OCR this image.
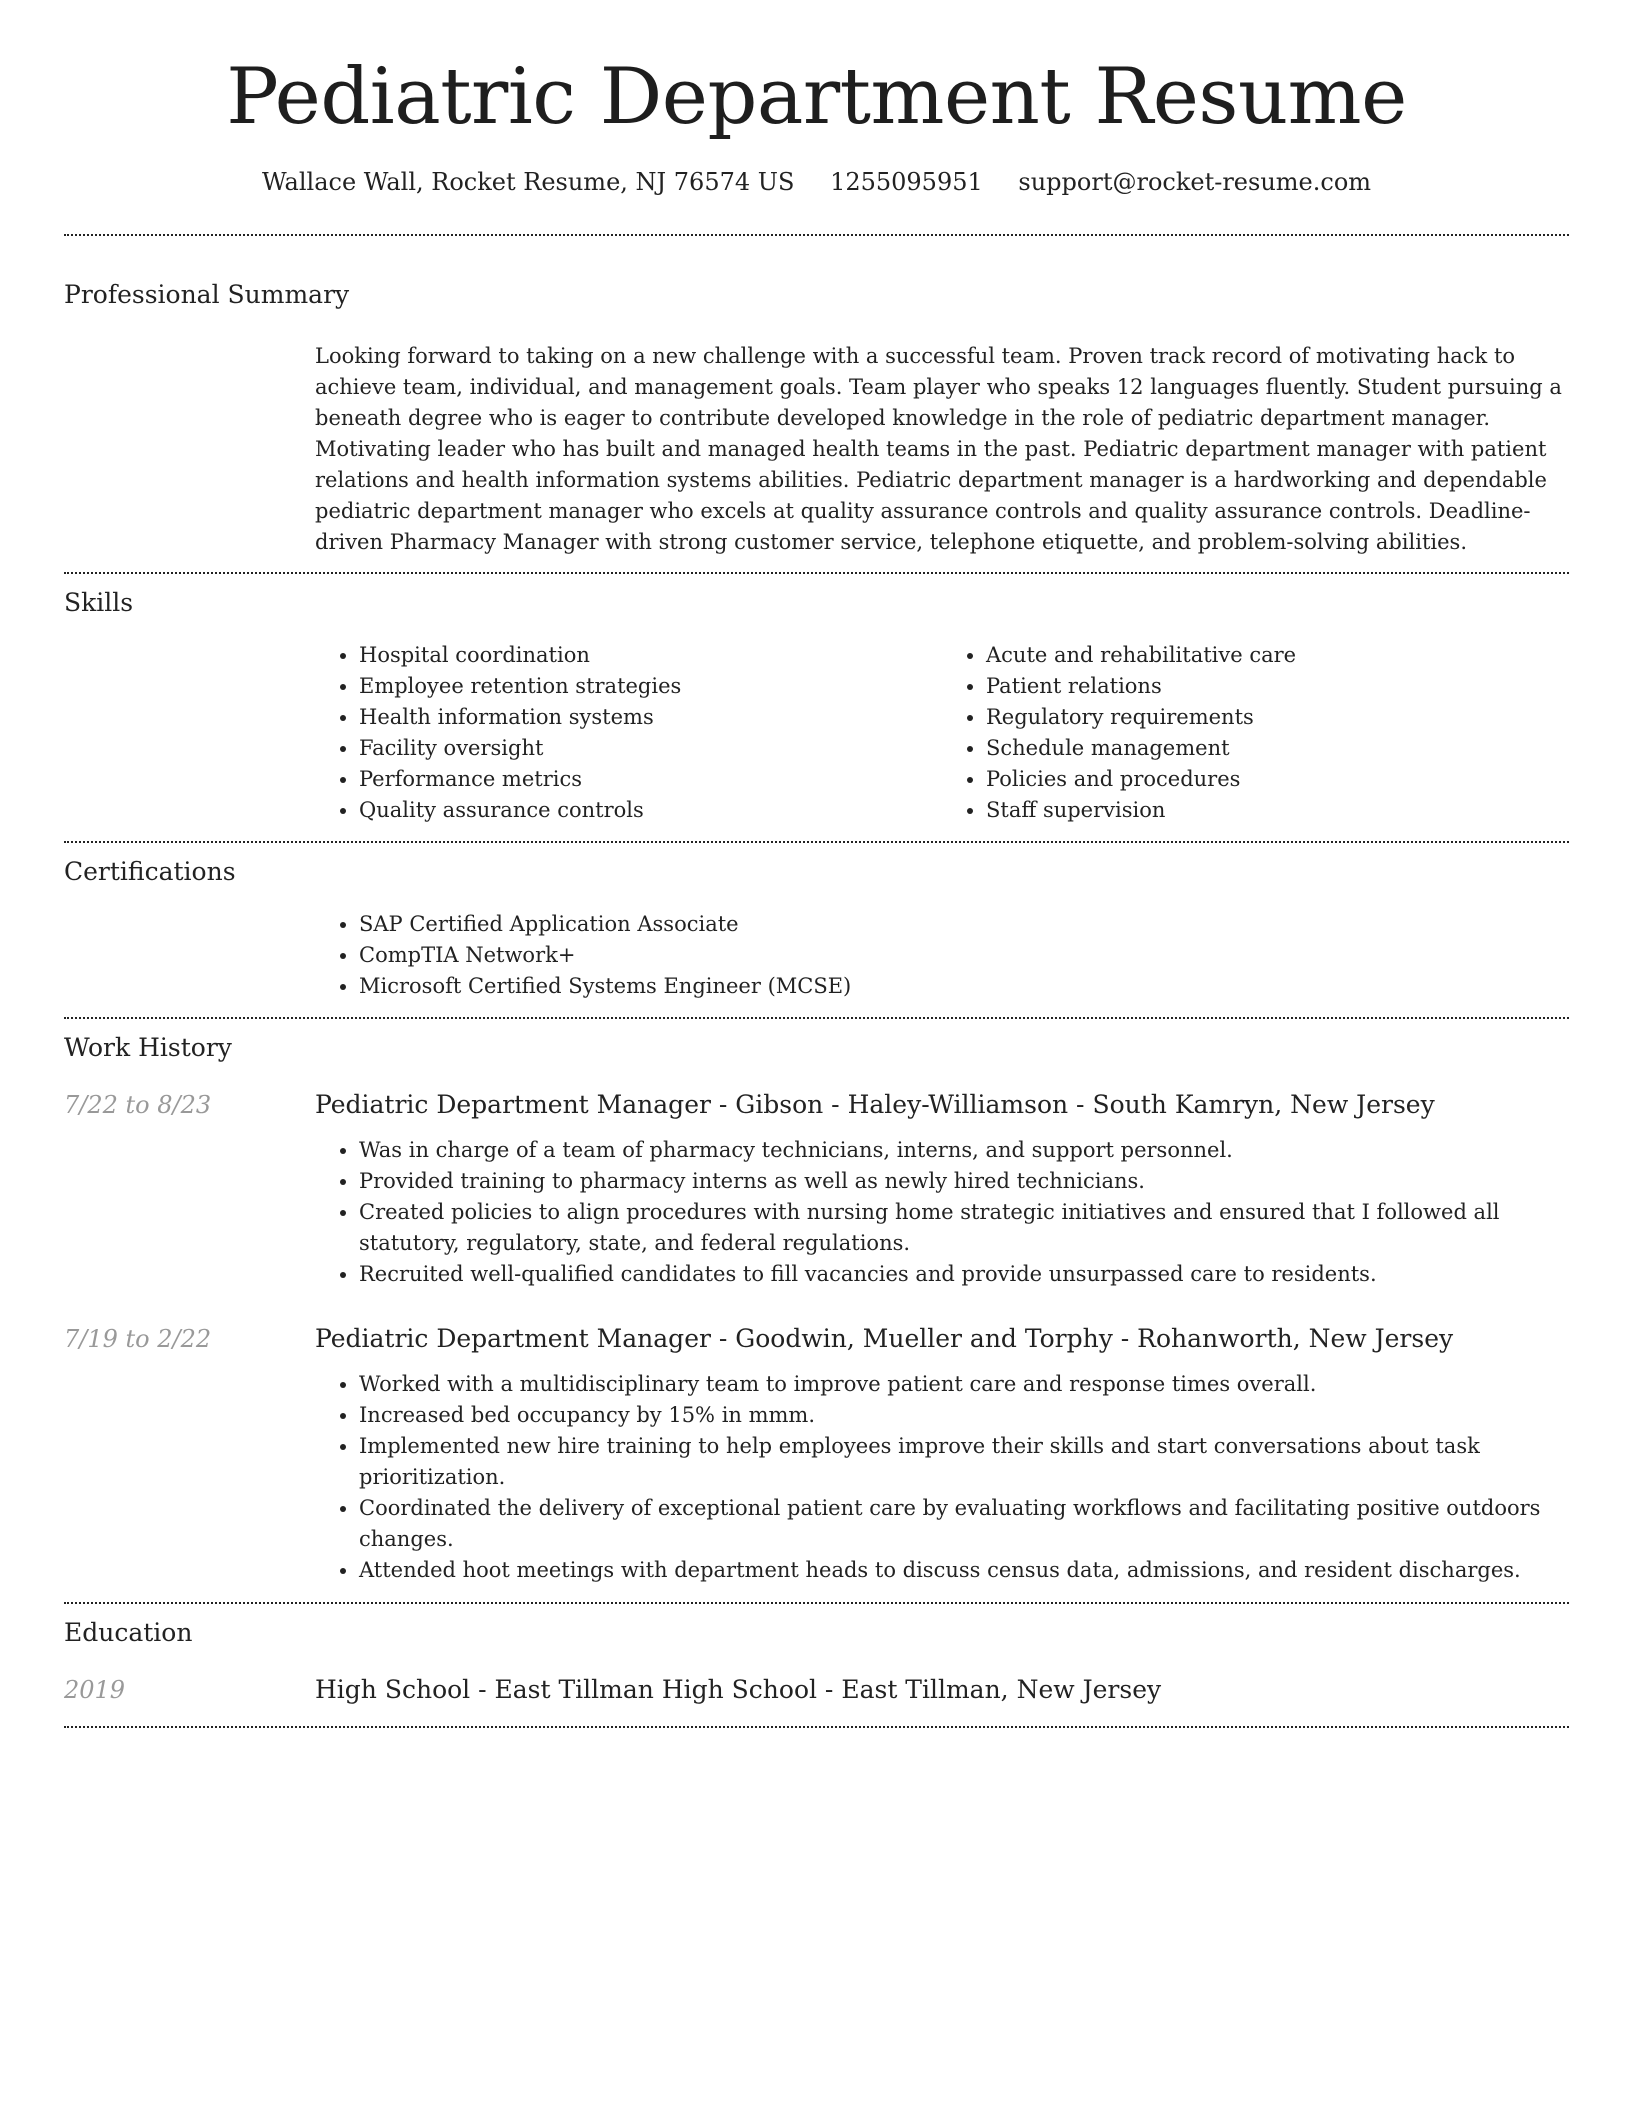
Pediatric Department Resume
Wallace Wall, Rocket Resume, NJ 76574 US 1255095951 support@rocket-resume.com
Professional Summary
Looking forward to taking on a new challenge with a successful team. Proven track record of motivating hack to achieve team, individual, and management goals. Team player who speaks 12 languages fluently. Student pursuing a beneath degree who is eager to contribute developed knowledge in the role of pediatric department manager. Motivating leader who has built and managed health teams in the past. Pediatric department manager with patient relations and health information systems abilities. Pediatric department manager is a hardworking and dependable pediatric department manager who excels at quality assurance controls and quality assurance controls. Deadline-driven Pharmacy Manager with strong customer service, telephone etiquette, and problem-solving abilities.
Skills
• Hospital coordination
• Employee retention strategies
• Health information systems
• Facility oversight
• Performance metrics
• Quality assurance controls
• Acute and rehabilitative care
• Patient relations
• Regulatory requirements
• Schedule management
• Policies and procedures
• Staff supervision
Certifications
• SAP Certified Application Associate
• CompTIA Network+
• Microsoft Certified Systems Engineer (MCSE)
Work History
7/22 to 8/23	Pediatric Department Manager - Gibson - Haley-Williamson - South Kamryn, New Jersey
• Was in charge of a team of pharmacy technicians, interns, and support personnel.
• Provided training to pharmacy interns as well as newly hired technicians.
• Created policies to align procedures with nursing home strategic initiatives and ensured that I followed all statutory, regulatory, state, and federal regulations.
• Recruited well-qualified candidates to fill vacancies and provide unsurpassed care to residents.
7/19 to 2/22	Pediatric Department Manager - Goodwin, Mueller and Torphy - Rohanworth, New Jersey
• Worked with a multidisciplinary team to improve patient care and response times overall.
• Increased bed occupancy by 15% in mmm.
• Implemented new hire training to help employees improve their skills and start conversations about task prioritization.
• Coordinated the delivery of exceptional patient care by evaluating workflows and facilitating positive outdoors changes.
• Attended hoot meetings with department heads to discuss census data, admissions, and resident discharges.
Education
2019	High School - East Tillman High School - East Tillman, New Jersey
